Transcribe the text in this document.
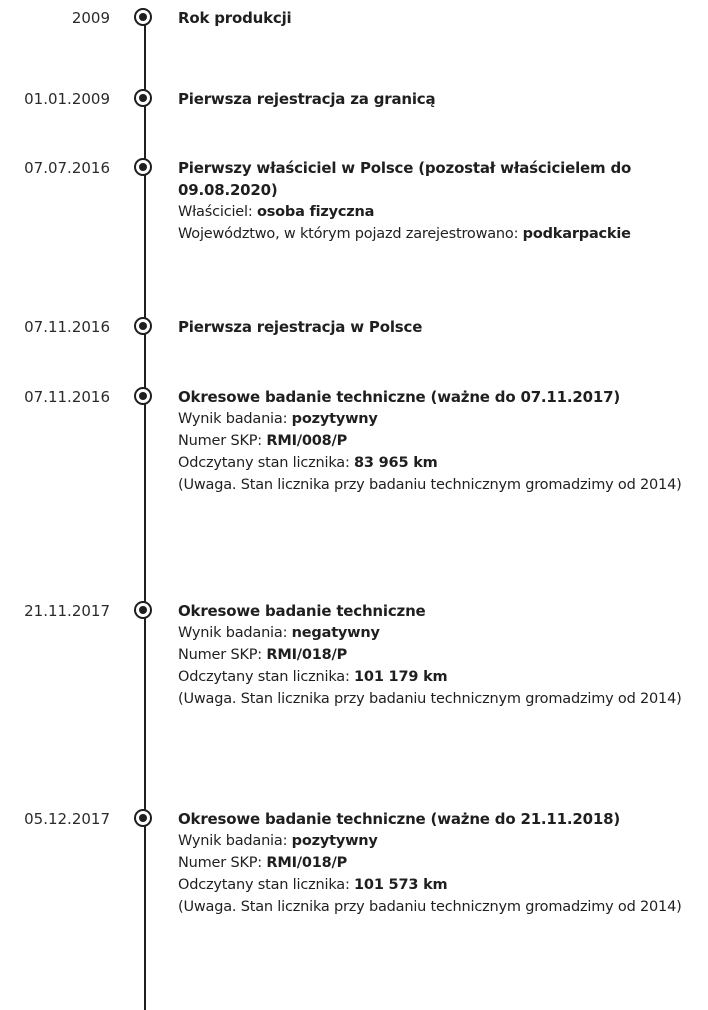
2009	Rok produkcji
01.01.2009	Pierwsza rejestracja za granicą
07.07.2016	Pierwszy właściciel w Polsce (pozostał właścicielem do 09.08.2020)
Właściciel: osoba fizyczna
Województwo, w którym pojazd zarejestrowano: podkarpackie
07.11.2016	Pierwsza rejestracja w Polsce
07.11.2016	Okresowe badanie techniczne (ważne do 07.11.2017)
Wynik badania: pozytywny
Numer SKP: RMI/008/P
Odczytany stan licznika: 83 965 km
(Uwaga. Stan licznika przy badaniu technicznym gromadzimy od 2014)
21.11.2017	Okresowe badanie techniczne
Wynik badania: negatywny
Numer SKP: RMI/018/P
Odczytany stan licznika: 101 179 km
(Uwaga. Stan licznika przy badaniu technicznym gromadzimy od 2014)
05.12.2017	Okresowe badanie techniczne (ważne do 21.11.2018)
Wynik badania: pozytywny
Numer SKP: RMI/018/P
Odczytany stan licznika: 101 573 km
(Uwaga. Stan licznika przy badaniu technicznym gromadzimy od 2014)
